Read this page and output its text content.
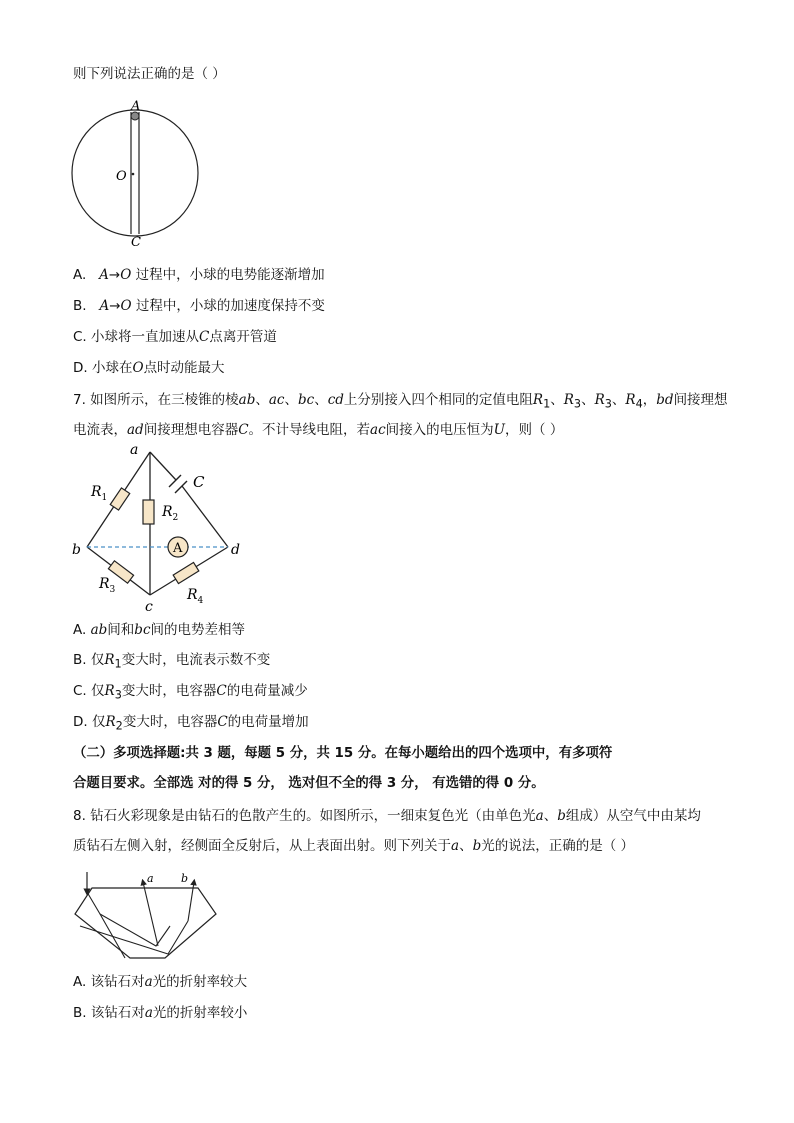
则下列说法正确的是（ ）
A
O
C
A. A→O 过程中，小球的电势能逐渐增加
B. A→O 过程中，小球的加速度保持不变
C. 小球将一直加速从C点离开管道
D. 小球在O点时动能最大
7. 如图所示，在三棱锥的棱ab、ac、bc、cd上分别接入四个相同的定值电阻$R_1$、$R_3$、$R_3$、$R_4$，bd间接理想
电流表，ad间接理想电容器C。不计导线电阻，若ac间接入的电压恒为U，则（ ）
A
a
b
c
d
$R_1$
$R_2$
$R_3$	$R_4$
C
A. ab间和bc间的电势差相等
B. 仅$R_1$变大时，电流表示数不变
C. 仅$R_3$变大时，电容器C的电荷量减少
D. 仅$R_2$变大时，电容器C的电荷量增加
（二）多项选择题:共 3 题，每题 5 分，共 15 分。在每小题给出的四个选项中，有多项符
合题目要求。全部选 对的得 5 分， 选对但不全的得 3 分， 有选错的得 0 分。
8. 钻石火彩现象是由钻石的色散产生的。如图所示，一细束复色光（由单色光a、b组成）从空气中由某均
质钻石左侧入射，经侧面全反射后，从上表面出射。则下列关于a、b光的说法，正确的是（ ）
a b
A. 该钻石对a光的折射率较大
B. 该钻石对a光的折射率较小
